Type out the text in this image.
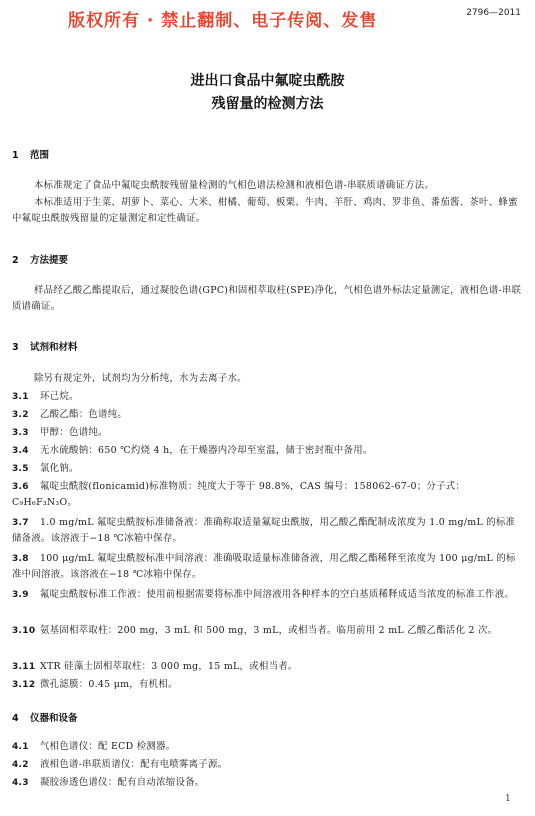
版权所有 · 禁止翻制、电子传阅、发售	2796—2011
进出口食品中氟啶虫酰胺
残留量的检测方法
1 范围
本标准规定了食品中氟啶虫酰胺残留量检测的气相色谱法检测和液相色谱-串联质谱确证方法。
本标准适用于生菜、胡萝卜、菜心、大米、柑橘、葡萄、板栗、牛肉、羊肝、鸡肉、罗非鱼、番茄酱、茶叶、蜂蜜中氟啶虫酰胺残留量的定量测定和定性确证。
2 方法提要
样品经乙酸乙酯提取后，通过凝胶色谱(GPC)和固相萃取柱(SPE)净化，气相色谱外标法定量测定，液相色谱-串联质谱确证。
3 试剂和材料
除另有规定外，试剂均为分析纯，水为去离子水。
3.1 环己烷。
3.2 乙酸乙酯：色谱纯。
3.3 甲醇：色谱纯。
3.4 无水硫酸钠：650 ℃灼烧 4 h，在干燥器内冷却至室温，储于密封瓶中备用。
3.5 氯化钠。
3.6 氟啶虫酰胺(flonicamid)标准物质：纯度大于等于 98.8%，CAS 编号：158062-67-0；分子式：C₉H₆F₃N₃O。
3.7 1.0 mg/mL 氟啶虫酰胺标准储备液：准确称取适量氟啶虫酰胺，用乙酸乙酯配制成浓度为 1.0 mg/mL 的标准储备液。该溶液于−18 ℃冰箱中保存。
3.8 100 μg/mL 氟啶虫酰胺标准中间溶液：准确吸取适量标准储备液，用乙酸乙酯稀释至浓度为 100 μg/mL 的标准中间溶液。该溶液在−18 ℃冰箱中保存。
3.9 氟啶虫酰胺标准工作液：使用前根据需要将标准中间溶液用各种样本的空白基质稀释成适当浓度的标准工作液。
3.10 氨基固相萃取柱：200 mg，3 mL 和 500 mg，3 mL，或相当者。临用前用 2 mL 乙酸乙酯活化 2 次。
3.11 XTR 硅藻土固相萃取柱：3 000 mg，15 mL，或相当者。
3.12 微孔滤膜：0.45 μm，有机相。
4 仪器和设备
4.1 气相色谱仪：配 ECD 检测器。
4.2 液相色谱-串联质谱仪：配有电喷雾离子源。
4.3 凝胶渗透色谱仪：配有自动浓缩设备。
1
